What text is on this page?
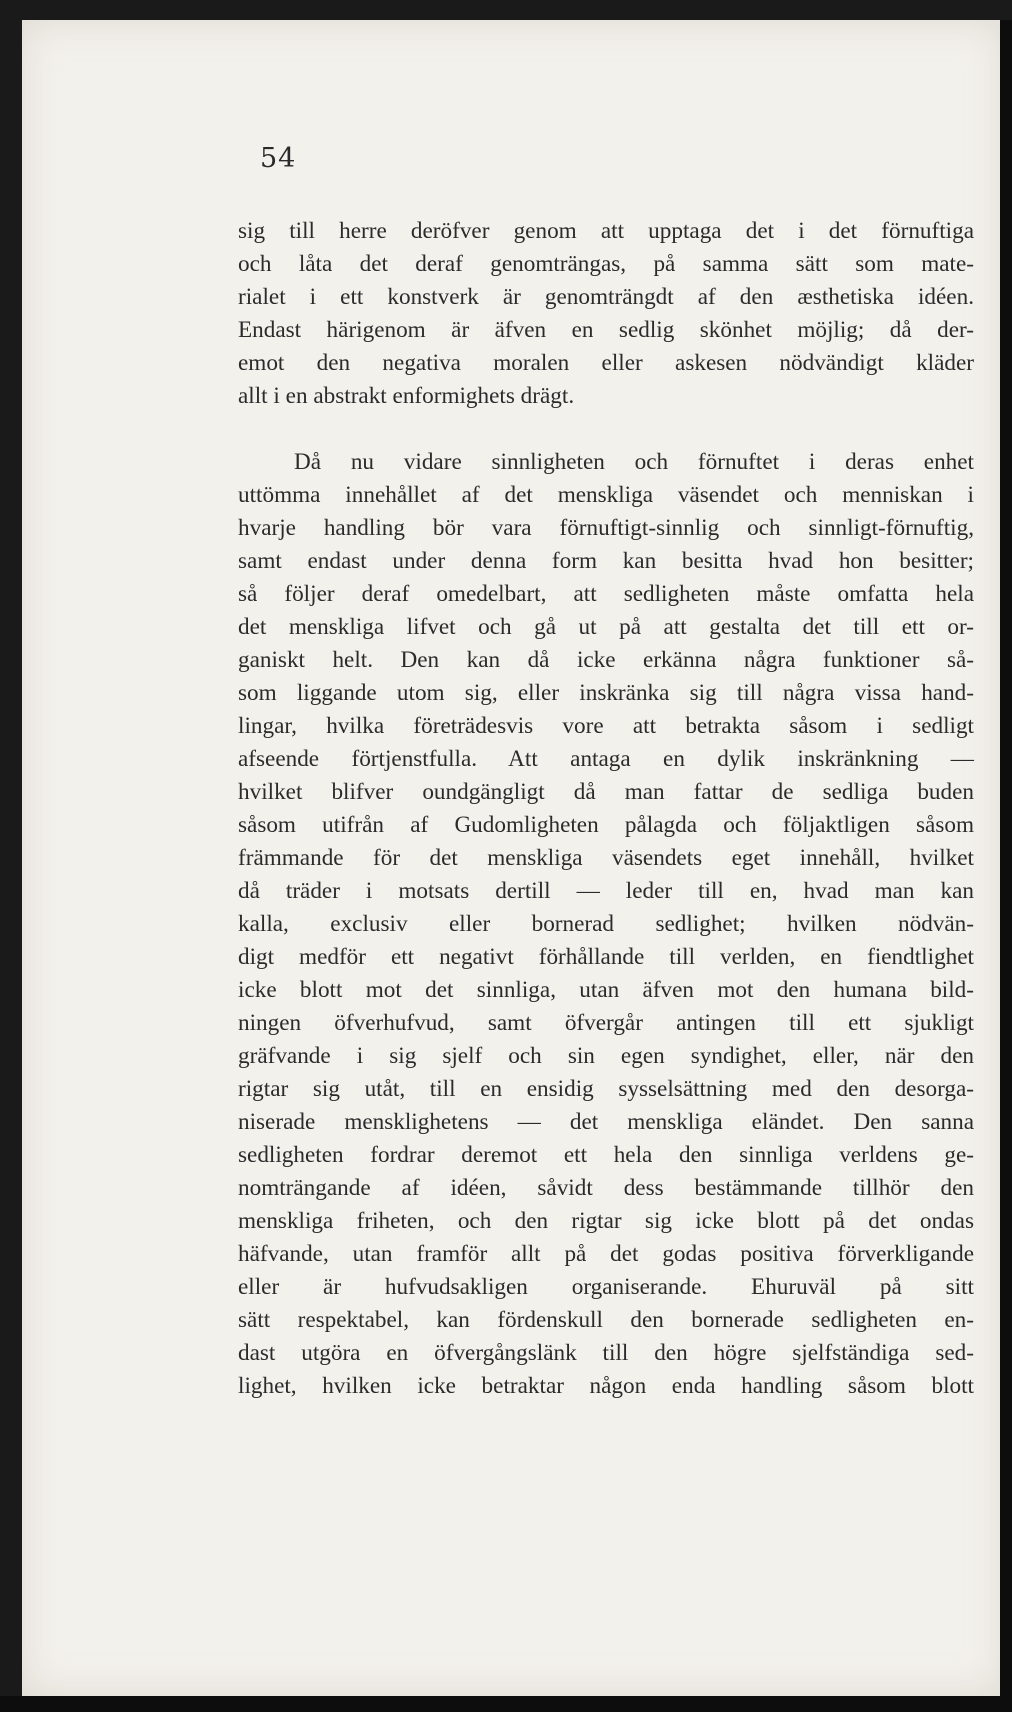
54
sig till herre deröfver genom att upptaga det i det förnuftiga
och låta det deraf genomträngas, på samma sätt som mate-
rialet i ett konstverk är genomträngdt af den æsthetiska idéen.
Endast härigenom är äfven en sedlig skönhet möjlig; då der-
emot den negativa moralen eller askesen nödvändigt kläder
allt i en abstrakt enformighets drägt.
Då nu vidare sinnligheten och förnuftet i deras enhet
uttömma innehållet af det menskliga väsendet och menniskan i
hvarje handling bör vara förnuftigt-sinnlig och sinnligt-förnuftig,
samt endast under denna form kan besitta hvad hon besitter;
så följer deraf omedelbart, att sedligheten måste omfatta hela
det menskliga lifvet och gå ut på att gestalta det till ett or-
ganiskt helt. Den kan då icke erkänna några funktioner så-
som liggande utom sig, eller inskränka sig till några vissa hand-
lingar, hvilka företrädesvis vore att betrakta såsom i sedligt
afseende förtjenstfulla. Att antaga en dylik inskränkning —
hvilket blifver oundgängligt då man fattar de sedliga buden
såsom utifrån af Gudomligheten pålagda och följaktligen såsom
främmande för det menskliga väsendets eget innehåll, hvilket
då träder i motsats dertill — leder till en, hvad man kan
kalla, exclusiv eller bornerad sedlighet; hvilken nödvän-
digt medför ett negativt förhållande till verlden, en fiendtlighet
icke blott mot det sinnliga, utan äfven mot den humana bild-
ningen öfverhufvud, samt öfvergår antingen till ett sjukligt
gräfvande i sig sjelf och sin egen syndighet, eller, när den
rigtar sig utåt, till en ensidig sysselsättning med den desorga-
niserade mensklighetens — det menskliga eländet. Den sanna
sedligheten fordrar deremot ett hela den sinnliga verldens ge-
nomträngande af idéen, såvidt dess bestämmande tillhör den
menskliga friheten, och den rigtar sig icke blott på det ondas
häfvande, utan framför allt på det godas positiva förverkligande
eller är hufvudsakligen organiserande. Ehuruväl på sitt
sätt respektabel, kan fördenskull den bornerade sedligheten en-
dast utgöra en öfvergångslänk till den högre sjelfständiga sed-
lighet, hvilken icke betraktar någon enda handling såsom blott
